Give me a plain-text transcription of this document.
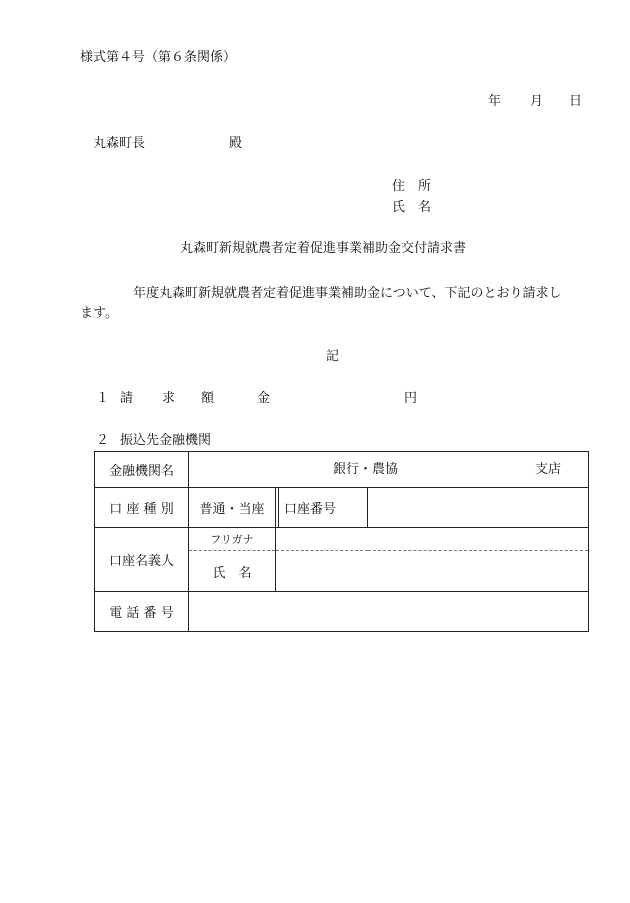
様式第４号（第６条関係）
年 月 日
丸森町長	殿
住　所
氏　名
丸森町新規就農者定着促進事業補助金交付請求書
年度丸森町新規就農者定着促進事業補助金について、下記のとおり請求し
ます。
記
１ 請 求 額	金	円
２ 振込先金融機関
金融機関名	銀行・農協 支店		

口 座 種 別	普通・当座	口座番号	

口座名義人	フリガナ		
	氏　名		
電 話 番 号			
